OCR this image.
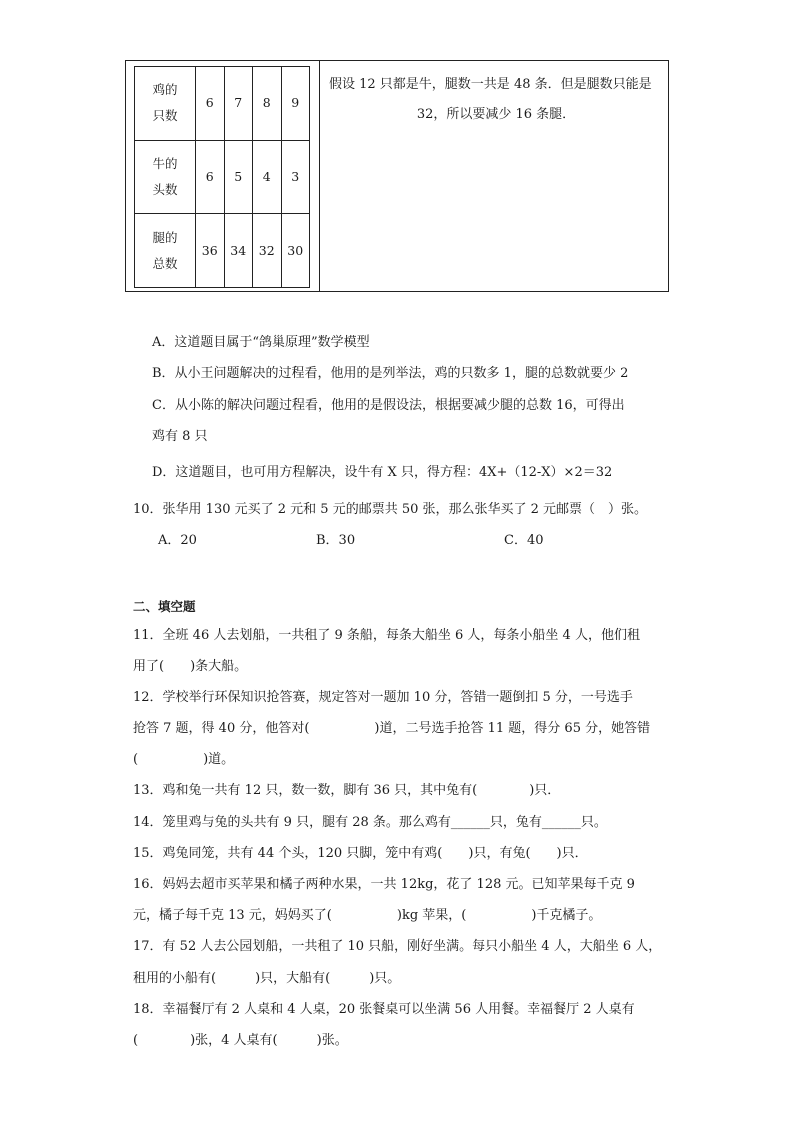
鸡的
只数	6	7	8	9

牛的
头数	6	5	4	3

腿的
总数	36	34	32	30
假设 12 只都是牛，腿数一共是 48 条．但是腿数只能是
32，所以要减少 16 条腿．
A．这道题目属于“鸽巢原理”数学模型
B．从小王问题解决的过程看，他用的是列举法，鸡的只数多 1，腿的总数就要少 2
C．从小陈的解决问题过程看，他用的是假设法，根据要减少腿的总数 16，可得出
鸡有 8 只
D．这道题目，也可用方程解决，设牛有 X 只，得方程：4X+（12-X）×2＝32
10．张华用 130 元买了 2 元和 5 元的邮票共 50 张，那么张华买了 2 元邮票（　）张。
A．20	B．30	C．40
二、填空题
11．全班 46 人去划船，一共租了 9 条船，每条大船坐 6 人，每条小船坐 4 人，他们租
用了(　　)条大船。
12．学校举行环保知识抢答赛，规定答对一题加 10 分，答错一题倒扣 5 分，一号选手
抢答 7 题，得 40 分，他答对(　　　　　)道，二号选手抢答 11 题，得分 65 分，她答错
(　　　　　)道。
13．鸡和兔一共有 12 只，数一数，脚有 36 只，其中兔有(　　　　)只．
14．笼里鸡与兔的头共有 9 只，腿有 28 条。那么鸡有______只，兔有______只。
15．鸡兔同笼，共有 44 个头，120 只脚，笼中有鸡(　　)只，有兔(　　)只．
16．妈妈去超市买苹果和橘子两种水果，一共 12kg，花了 128 元。已知苹果每千克 9
元，橘子每千克 13 元，妈妈买了(　　　　　)kg 苹果，(　　　　　)千克橘子。
17．有 52 人去公园划船，一共租了 10 只船，刚好坐满。每只小船坐 4 人，大船坐 6 人，
租用的小船有(　　　)只，大船有(　　　)只。
18．幸福餐厅有 2 人桌和 4 人桌，20 张餐桌可以坐满 56 人用餐。幸福餐厅 2 人桌有
(　　　　)张，4 人桌有(　　　)张。
